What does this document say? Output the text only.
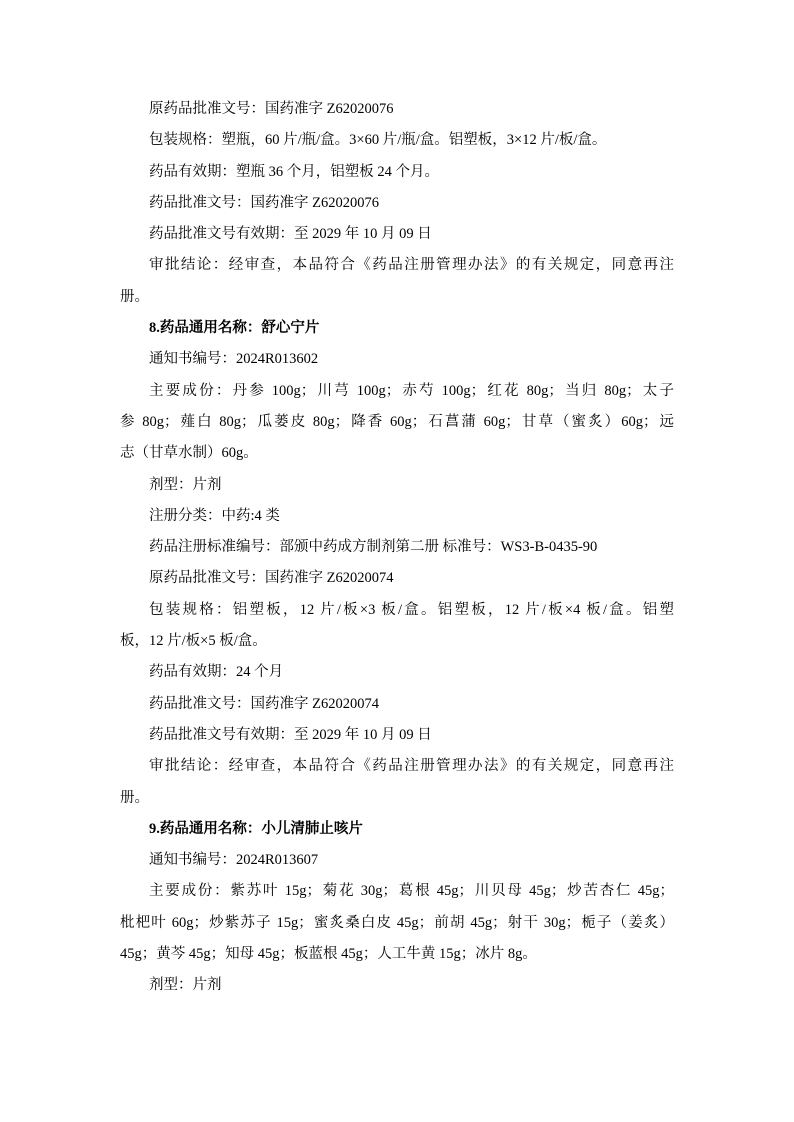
原药品批准文号：国药准字 Z62020076
包装规格：塑瓶，60 片/瓶/盒。3×60 片/瓶/盒。铝塑板，3×12 片/板/盒。
药品有效期：塑瓶 36 个月，铝塑板 24 个月。
药品批准文号：国药准字 Z62020076
药品批准文号有效期：至 2029 年 10 月 09 日
审批结论：经审查，本品符合《药品注册管理办法》的有关规定，同意再注
册。
8.药品通用名称：舒心宁片
通知书编号：2024R013602
主要成份：丹参 100g；川芎 100g；赤芍 100g；红花 80g；当归 80g；太子
参 80g；薤白 80g；瓜蒌皮 80g；降香 60g；石菖蒲 60g；甘草（蜜炙）60g；远
志（甘草水制）60g。
剂型：片剂
注册分类：中药:4 类
药品注册标准编号：部颁中药成方制剂第二册 标准号：WS3-B-0435-90
原药品批准文号：国药准字 Z62020074
包装规格：铝塑板，12 片/板×3 板/盒。铝塑板，12 片/板×4 板/盒。铝塑
板，12 片/板×5 板/盒。
药品有效期：24 个月
药品批准文号：国药准字 Z62020074
药品批准文号有效期：至 2029 年 10 月 09 日
审批结论：经审查，本品符合《药品注册管理办法》的有关规定，同意再注
册。
9.药品通用名称：小儿清肺止咳片
通知书编号：2024R013607
主要成份：紫苏叶 15g；菊花 30g；葛根 45g；川贝母 45g；炒苦杏仁 45g；
枇杷叶 60g；炒紫苏子 15g；蜜炙桑白皮 45g；前胡 45g；射干 30g；栀子（姜炙）
45g；黄芩 45g；知母 45g；板蓝根 45g；人工牛黄 15g；冰片 8g。
剂型：片剂
